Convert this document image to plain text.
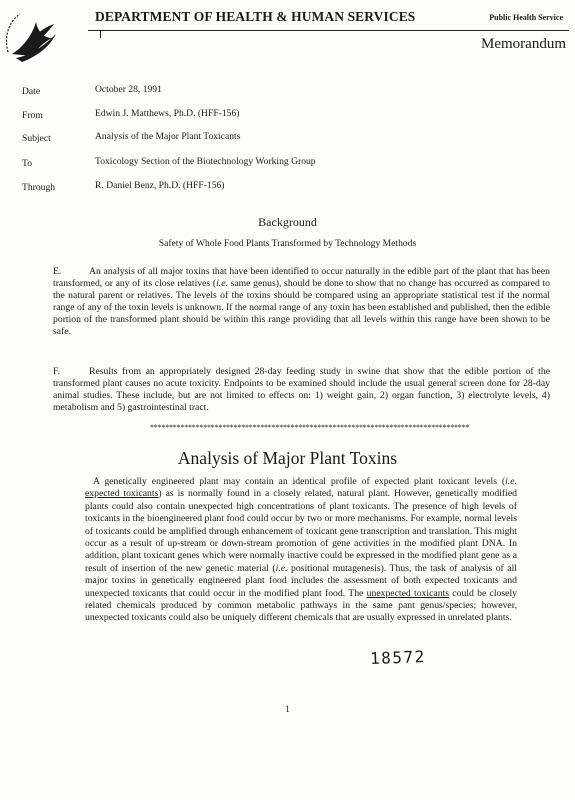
DEPARTMENT OF HEALTH & HUMAN SERVICES	Public Health Service
Memorandum
Date	October 28, 1991
From	Edwin J. Matthews, Ph.D. (HFF-156)
Subject	Analysis of the Major Plant Toxicants
To	Toxicology Section of the Biotechnology Working Group
Through	R. Daniel Benz, Ph.D. (HFF-156)
Background
Safety of Whole Food Plants Transformed by Technology Methods
E.	An analysis of all major toxins that have been identified to occur naturally in the edible part of the plant that has been transformed, or any of its close relatives (i.e. same genus), should be done to show that no change has occurred as compared to the natural parent or relatives. The levels of the toxins should be compared using an appropriate statistical test if the normal range of any of the toxin levels is unknown. If the normal range of any toxin has been established and published, then the edible portion of the transformed plant should be within this range providing that all levels within this range have been shown to be safe.
F.	Results from an appropriately designed 28-day feeding study in swine that show that the edible portion of the transformed plant causes no acute toxicity. Endpoints to be examined should include the usual general screen done for 28-day animal studies. These include, but are not limited to effects on: 1) weight gain, 2) organ function, 3) electrolyte levels, 4) metabolism and 5) gastrointestinal tract.
************************************************************************************
Analysis of Major Plant Toxins
A genetically engineered plant may contain an identical profile of expected plant toxicant levels (i.e. expected toxicants) as is normally found in a closely related, natural plant. However, genetically modified plants could also contain unexpected high concentrations of plant toxicants. The presence of high levels of toxicants in the bioengineered plant food could occur by two or more mechanisms. For example, normal levels of toxicants could be amplified through enhancement of toxicant gene transcription and translation. This might occur as a result of up-stream or down-stream promotion of gene activities in the modified plant DNA. In addition, plant toxicant genes which were normally inactive could be expressed in the modified plant gene as a result of insertion of the new genetic material (i.e. positional mutagenesis). Thus, the task of analysis of all major toxins in genetically engineered plant food includes the assessment of both expected toxicants and unexpected toxicants that could occur in the modified plant food. The unexpected toxicants could be closely related chemicals produced by common metabolic pathways in the same pant genus/species; however, unexpected toxicants could also be uniquely different chemicals that are usually expressed in unrelated plants.
18572
1
